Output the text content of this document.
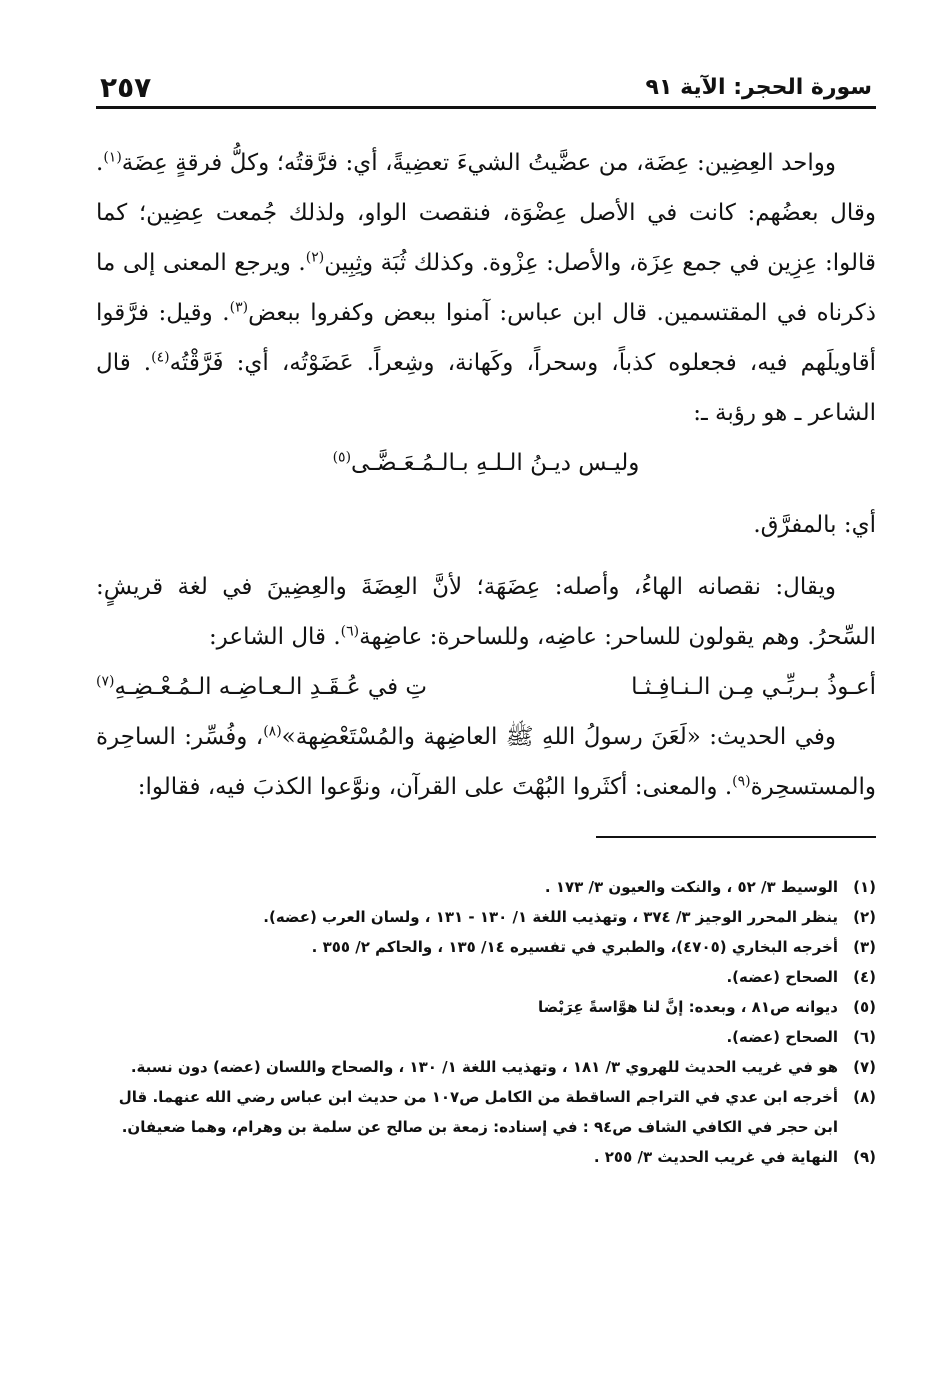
٢٥٧	سورة الحجر: الآية ٩١

وواحد العِضِين: عِضَة، من عضَّيتُ الشيءَ تعضِيةً، أي: فرَّقتُه؛ وكلُّ فرقةٍ عِضَة$^{(١)}$. وقال بعضُهم: كانت في الأصل عِضْوَة، فنقصت الواو، ولذلك جُمعت عِضِين؛ كما قالوا: عِزِين في جمع عِزَة، والأصل: عِزْوة. وكذلك ثُبَة وثِبِين$^{(٢)}$. ويرجع المعنى إلى ما ذكرناه في المقتسمين. قال ابن عباس: آمنوا ببعض وكفروا ببعض$^{(٣)}$. وقيل: فرَّقوا أقاويلَهم فيه، فجعلوه كذباً، وسحراً، وكَهانة، وشِعراً. عَضَوْتُه، أي: فَرَّقْتُه$^{(٤)}$. قال الشاعر ـ هو رؤبة ـ:

وليـس ديـنُ الـلـهِ بـالـمُـعَـضَّـى$^{(٥)}$

أي: بالمفرَّق.

ويقال: نقصانه الهاءُ، وأصله: عِضَهَة؛ لأنَّ العِضَةَ والعِضِينَ في لغة قريشٍ: السِّحرُ. وهم يقولون للساحر: عاضِه، وللساحرة: عاضِهة$^{(٦)}$. قال الشاعر:

أعـوذُ بـربِّـي مِـن الـنـافِـثـا
تِ في عُـقَـدِ الـعـاضِـه الـمُـعْـضِـهِ$^{(٧)}$

وفي الحديث: «لَعَنَ رسولُ اللهِ ﷺ العاضِهة والمُسْتَعْضِهة»$^{(٨)}$، وفُسِّر: الساحِرة والمستسحِرة$^{(٩)}$. والمعنى: أكثَروا البُهْتَ على القرآن، ونوَّعوا الكذبَ فيه، فقالوا:

(١)
الوسيط ٣/ ٥٢ ، والنكت والعيون ٣/ ١٧٣ .
(٢)
ينظر المحرر الوجيز ٣/ ٣٧٤ ، وتهذيب اللغة ١/ ١٣٠ - ١٣١ ، ولسان العرب (عضه).
(٣)
أخرجه البخاري (٤٧٠٥)، والطبري في تفسيره ١٤/ ١٣٥ ، والحاكم ٢/ ٣٥٥ .
(٤)
الصحاح (عضه).
(٥)
ديوانه ص٨١ ، وبعده: إنَّ لنا هوَّاسةً عِرَبْضا
(٦)
الصحاح (عضه).
(٧)
هو في غريب الحديث للهروي ٣/ ١٨١ ، وتهذيب اللغة ١/ ١٣٠ ، والصحاح واللسان (عضه) دون نسبة.
(٨)
أخرجه ابن عدي في التراجم الساقطة من الكامل ص١٠٧ من حديث ابن عباس رضي الله عنهما. قال ابن حجر في الكافي الشاف ص٩٤ : في إسناده: زمعة بن صالح عن سلمة بن وهرام، وهما ضعيفان.
(٩)
النهاية في غريب الحديث ٣/ ٢٥٥ .
